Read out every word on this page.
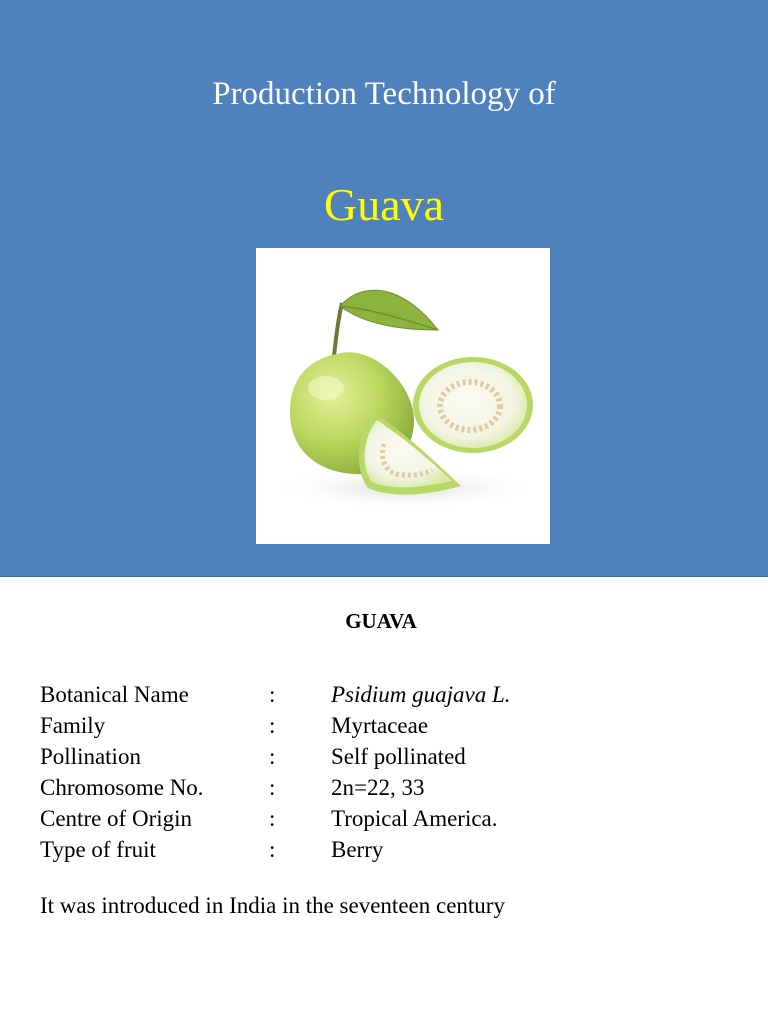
Production Technology of
Guava
GUAVA
Botanical Name	: Psidium guajava L.
Family	: Myrtaceae
Pollination	: Self pollinated
Chromosome No.	: 2n=22, 33
Centre of Origin	: Tropical America.
Type of fruit	: Berry
It was introduced in India in the seventeen century
